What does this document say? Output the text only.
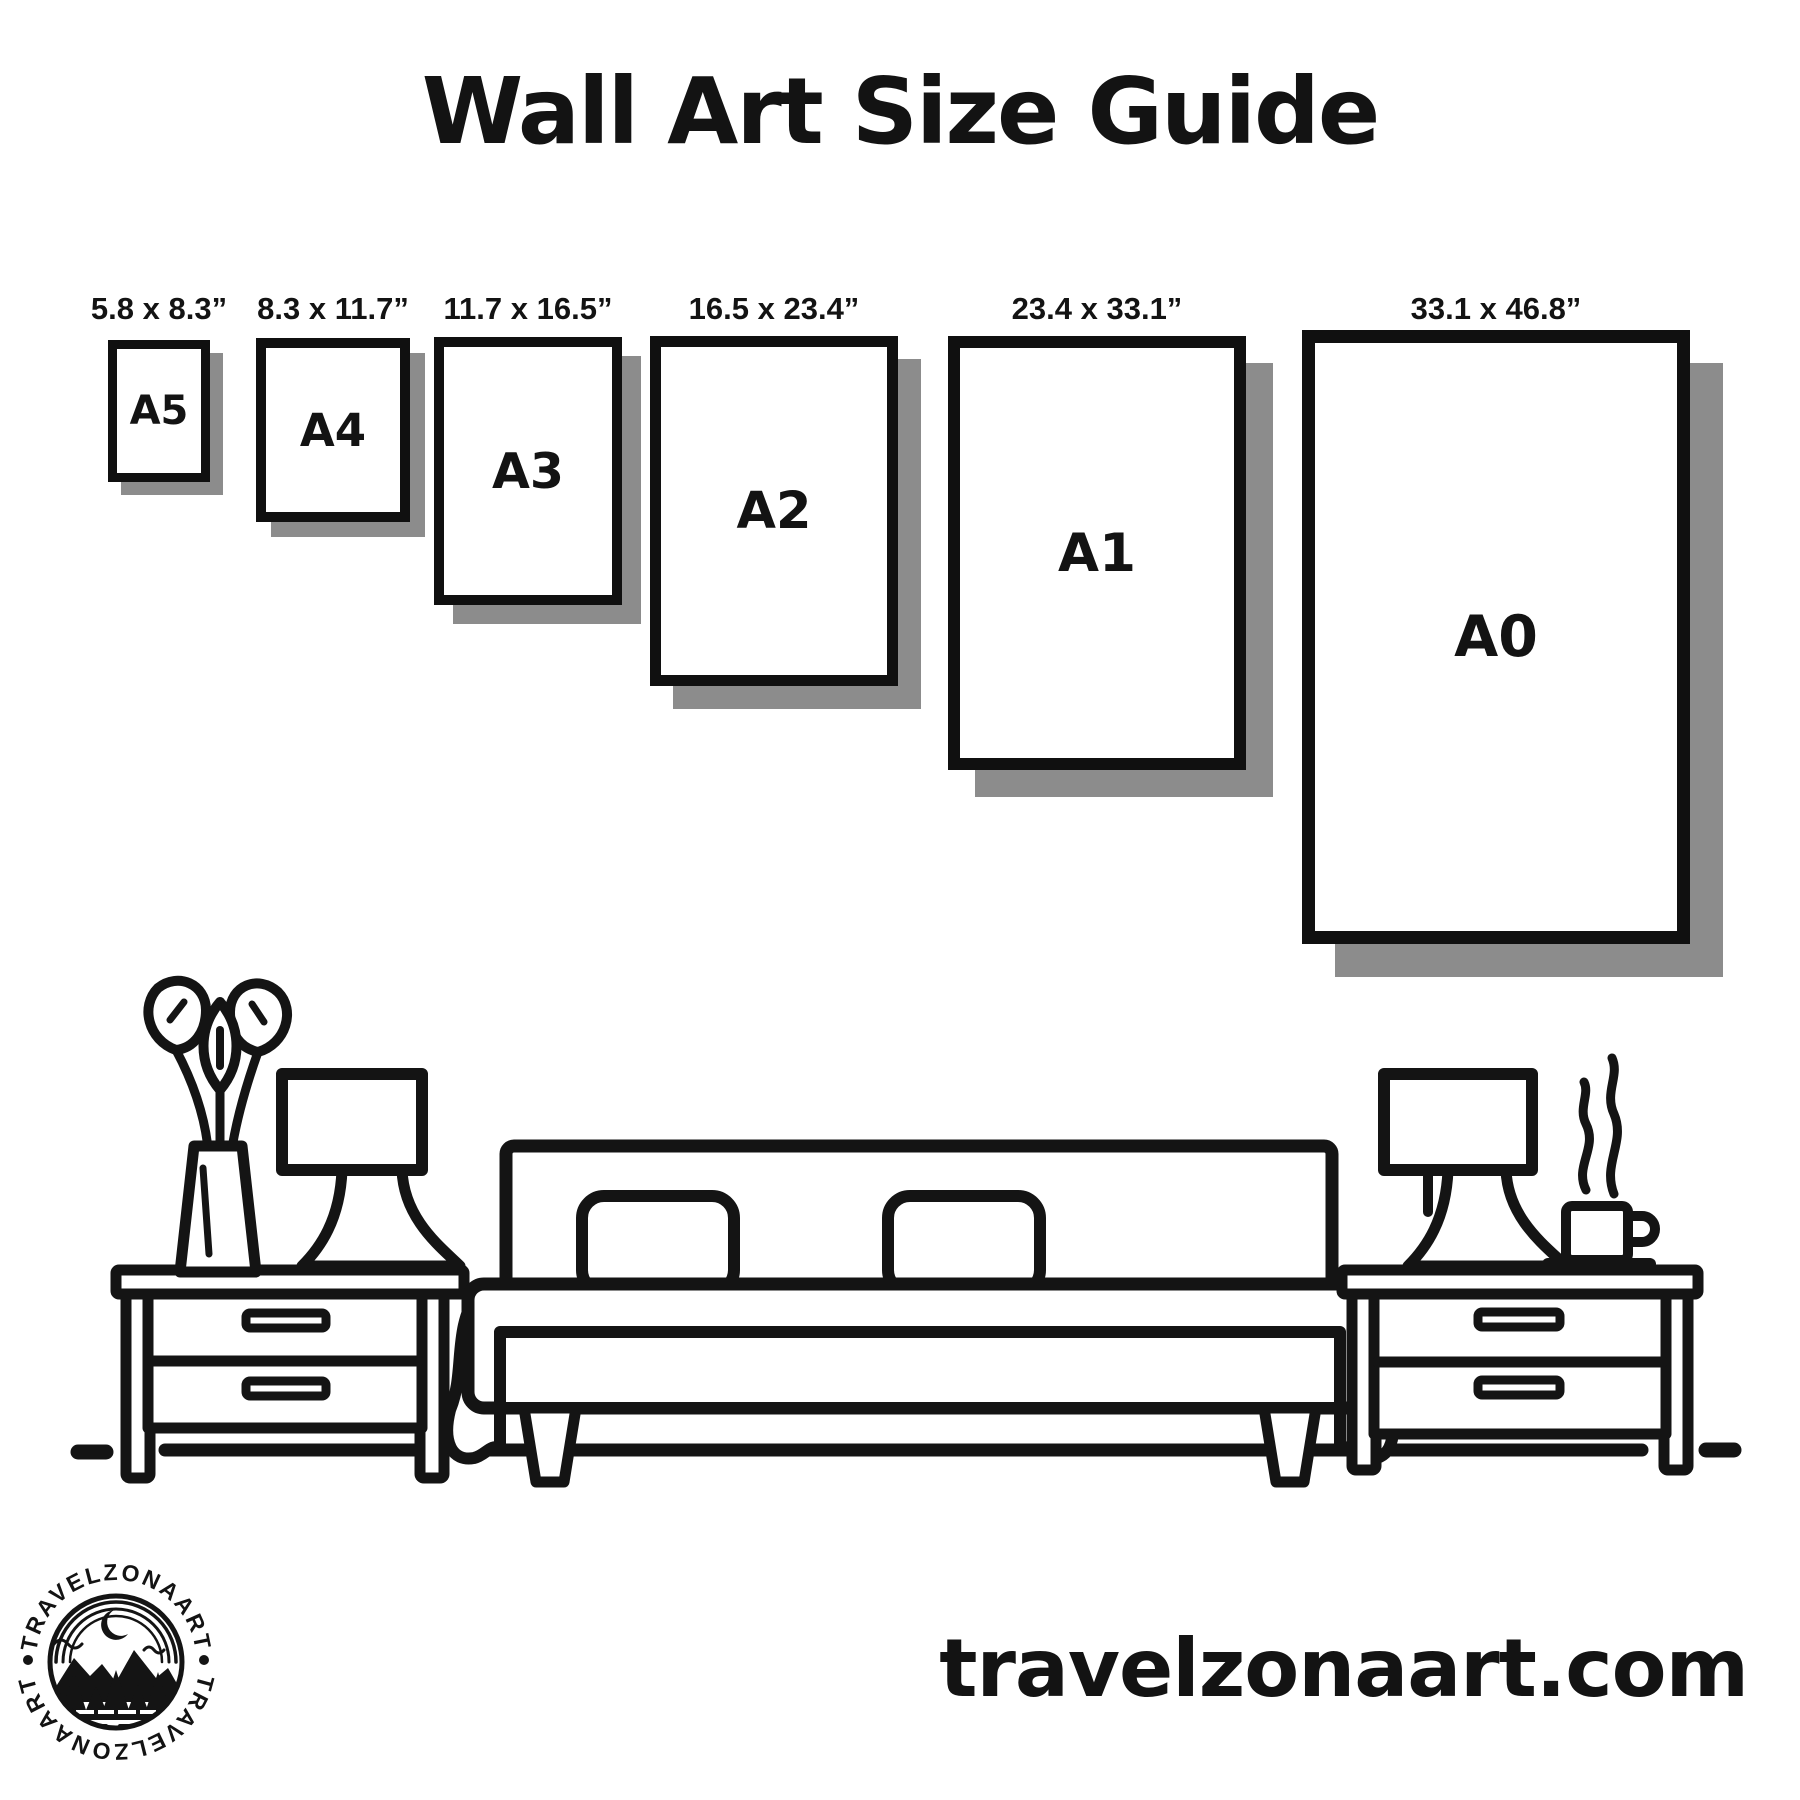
Wall Art Size Guide
5.8 x 8.3” 8.3 x 11.7”	11.7 x 16.5”	16.5 x 23.4”	23.4 x 33.1”	33.1 x 46.8”
A5 A4
A3
A2
A1
A0
TRAVELZONAART
TRAVELZONAART	travelzonaart.com
